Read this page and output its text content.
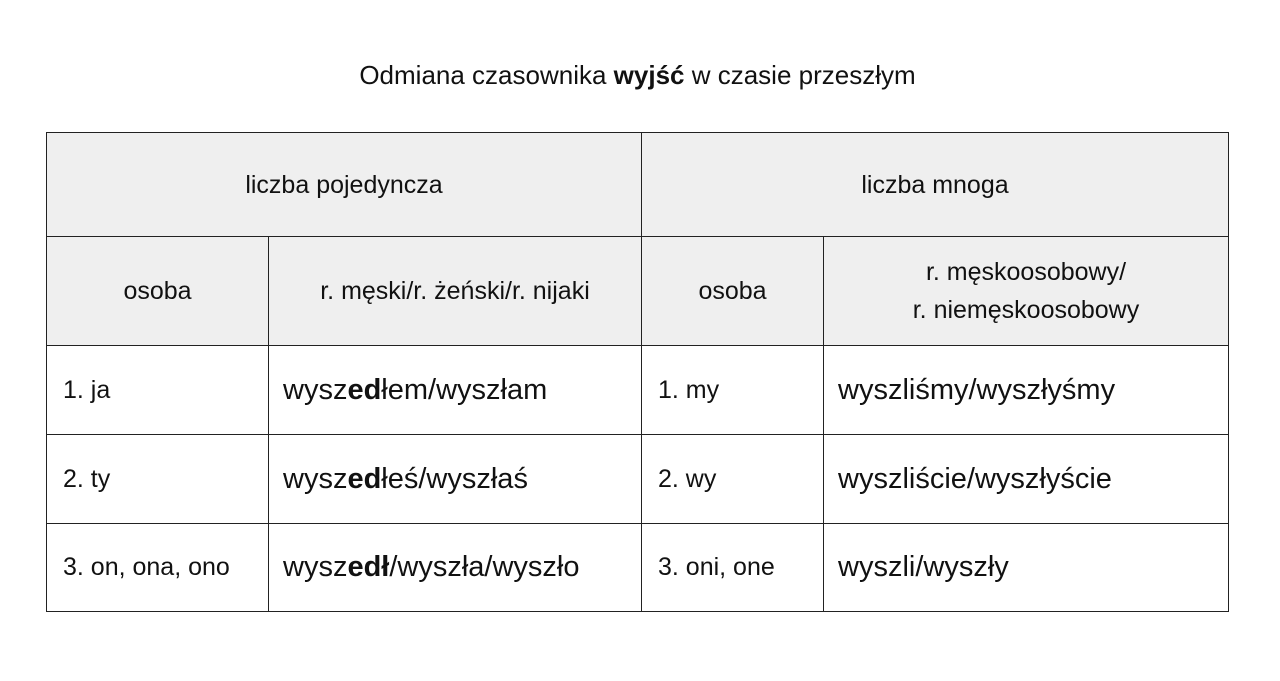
Odmiana czasownika wyjść w czasie przeszłym
liczba pojedyncza		liczba mnoga	
osoba	r. męski/r. żeński/r. nijaki	osoba	r. męskoosobowy/
r. niemęskoosobowy
1. ja	wyszedłem/wyszłam	1. my	wyszliśmy/wyszłyśmy
2. ty	wyszedłeś/wyszłaś	2. wy	wyszliście/wyszłyście
3. on, ona, ono	wyszedł/wyszła/wyszło	3. oni, one	wyszli/wyszły
